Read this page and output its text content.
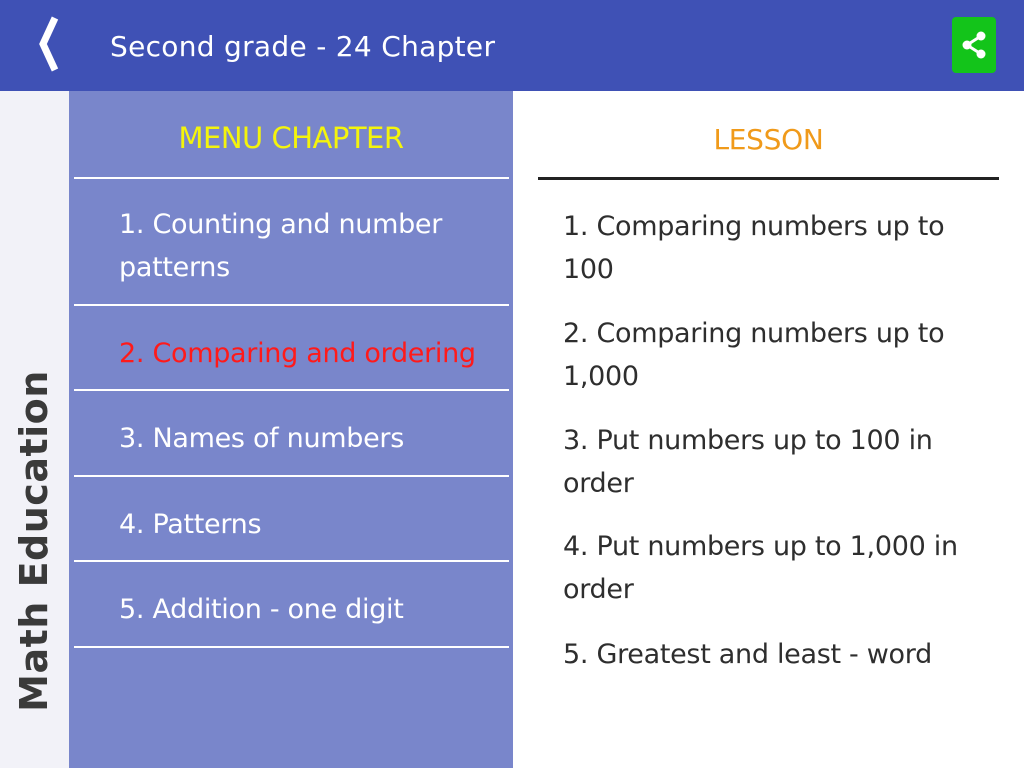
Second grade - 24 Chapter
Math Education
MENU CHAPTER
1. Counting and number patterns
2. Comparing and ordering
3. Names of numbers
4. Patterns
5. Addition - one digit
LESSON
1. Comparing numbers up to 100
2. Comparing numbers up to 1,000
3. Put numbers up to 100 in order
4. Put numbers up to 1,000 in order
5. Greatest and least - word
